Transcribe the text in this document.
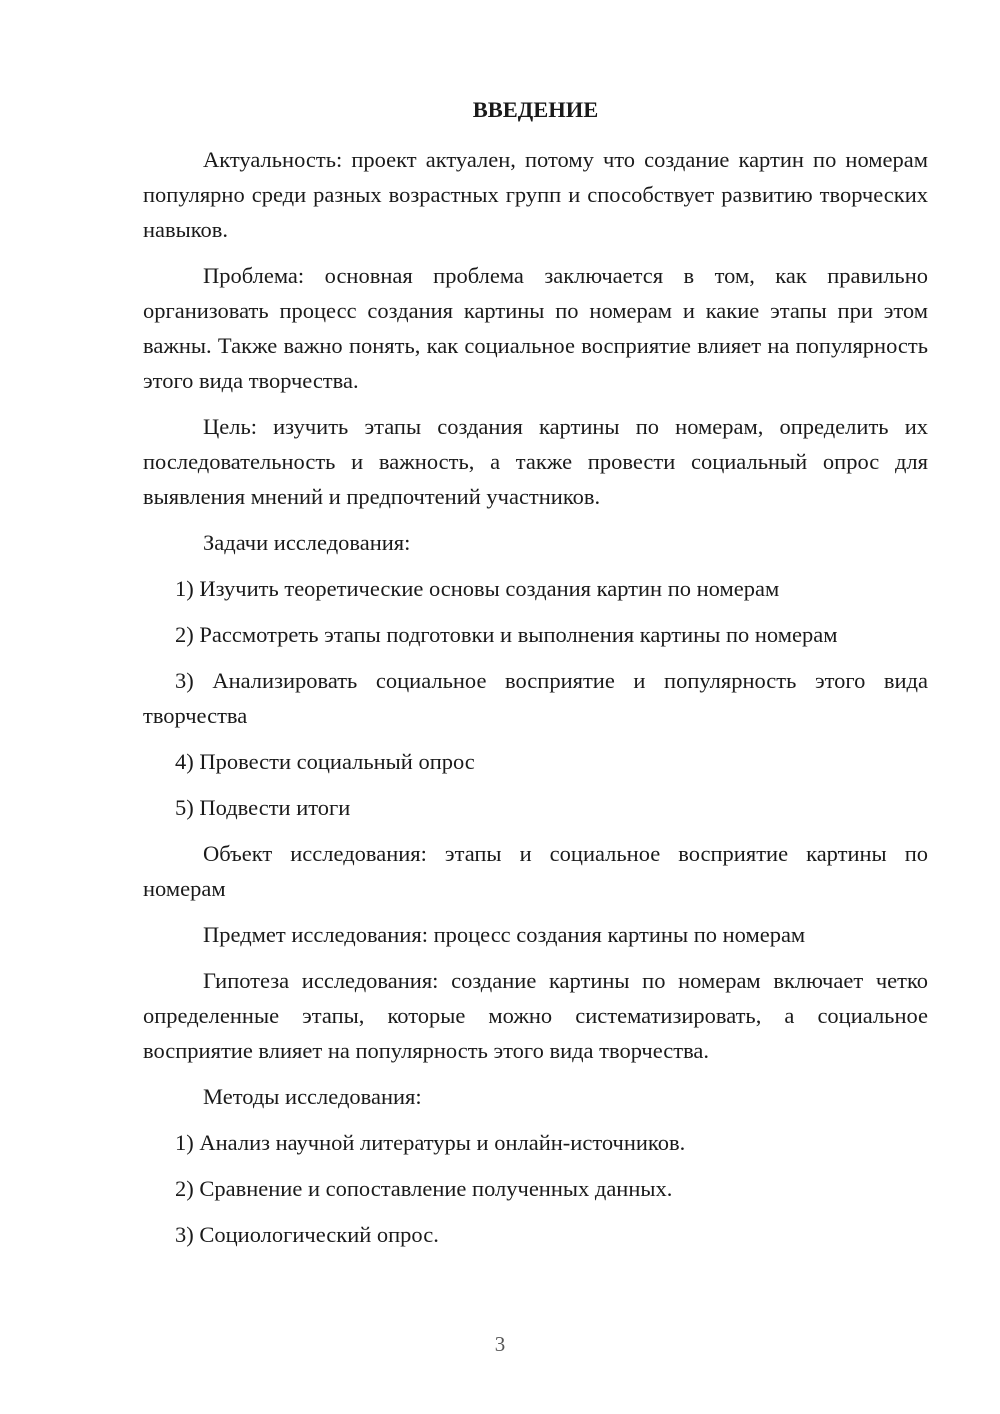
ВВЕДЕНИЕ

Актуальность: проект актуален, потому что создание картин по номерам популярно среди разных возрастных групп и способствует развитию творческих навыков.

Проблема: основная проблема заключается в том, как правильно организовать процесс создания картины по номерам и какие этапы при этом важны. Также важно понять, как социальное восприятие влияет на популярность этого вида творчества.

Цель: изучить этапы создания картины по номерам, определить их последовательность и важность, а также провести социальный опрос для выявления мнений и предпочтений участников.

Задачи исследования:

1) Изучить теоретические основы создания картин по номерам

2) Рассмотреть этапы подготовки и выполнения картины по номерам

3) Анализировать социальное восприятие и популярность этого вида творчества

4) Провести социальный опрос

5) Подвести итоги

Объект исследования: этапы и социальное восприятие картины по номерам

Предмет исследования: процесс создания картины по номерам

Гипотеза исследования: создание картины по номерам включает четко определенные этапы, которые можно систематизировать, а социальное восприятие влияет на популярность этого вида творчества.

Методы исследования:

1) Анализ научной литературы и онлайн-источников.

2) Сравнение и сопоставление полученных данных.

3) Социологический опрос.

3
